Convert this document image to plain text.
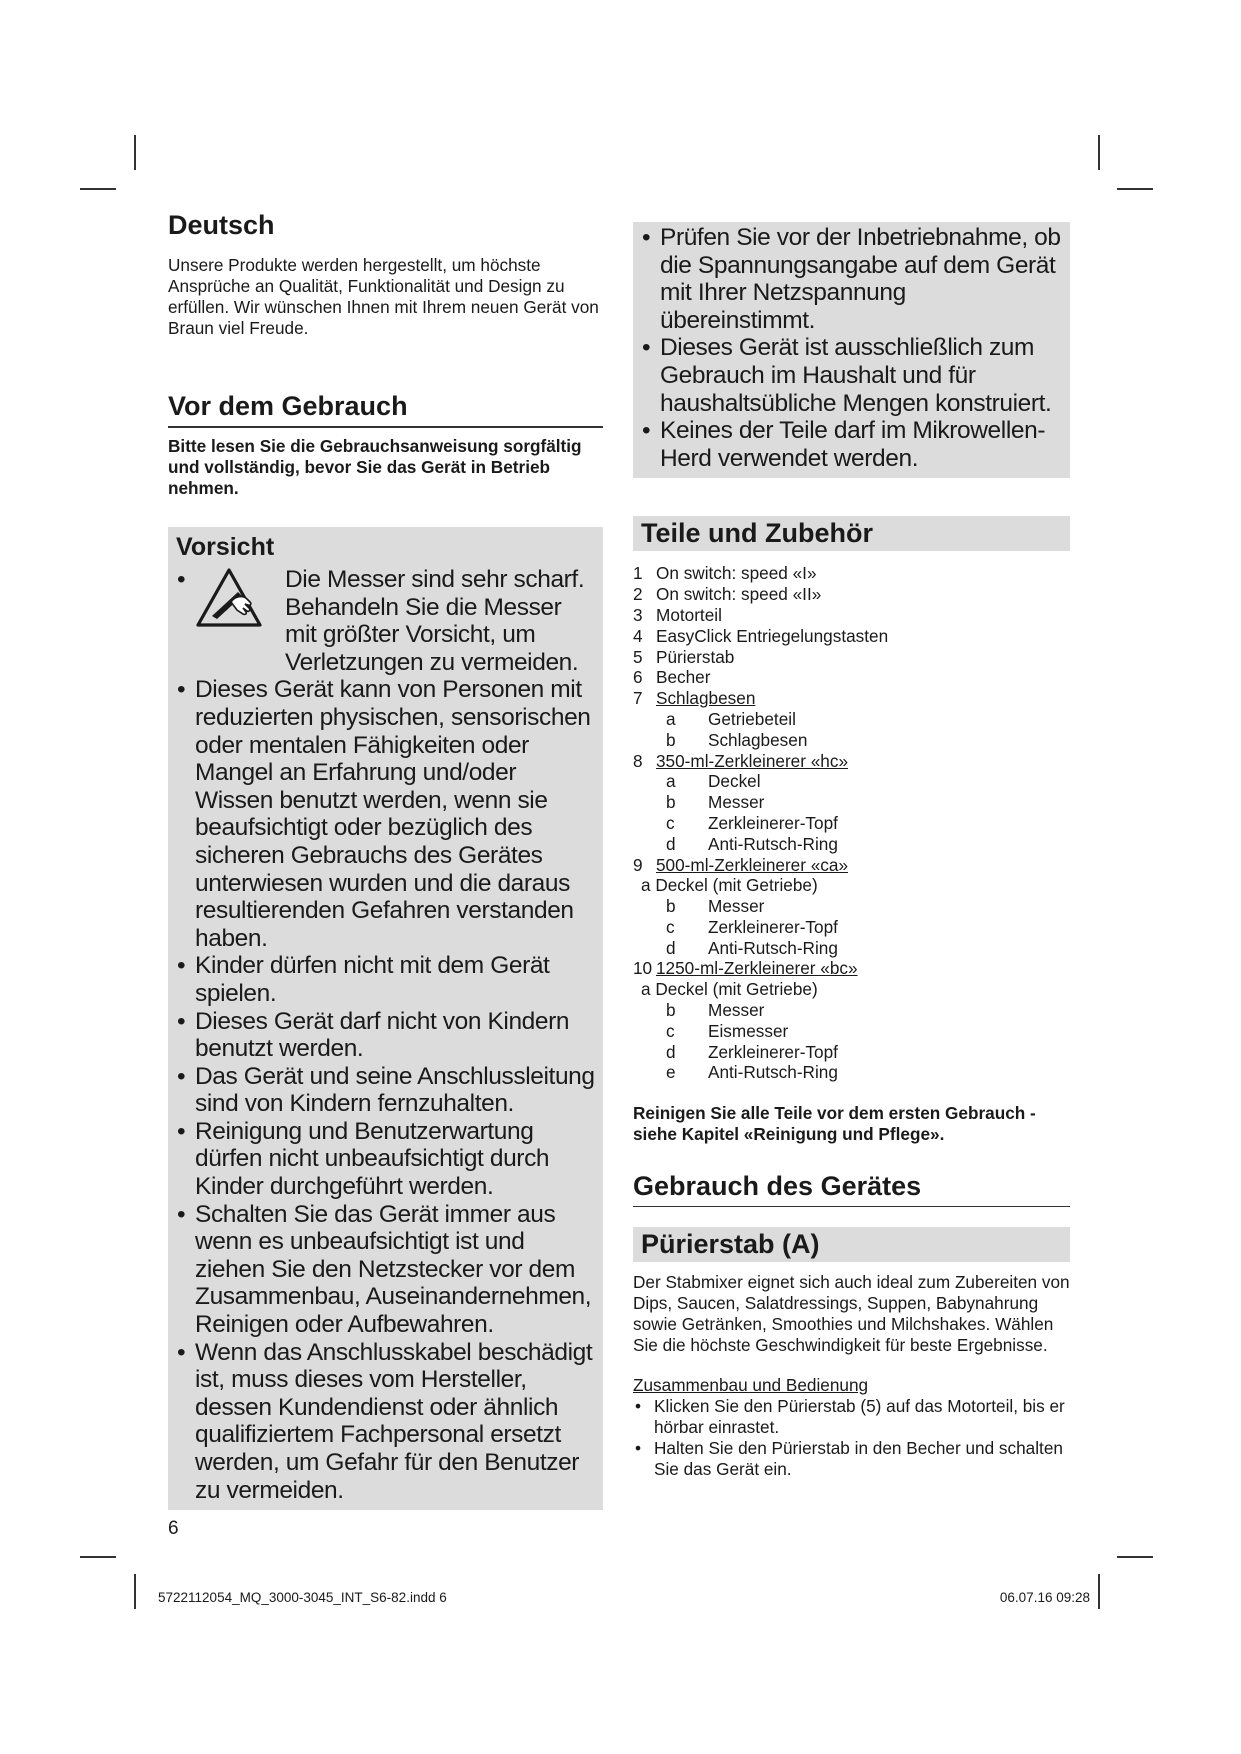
Deutsch

Unsere Produkte werden hergestellt, um höchste Ansprüche an Qualität, Funktionalität und Design zu erfüllen. Wir wünschen Ihnen mit Ihrem neuen Gerät von Braun viel Freude.

Vor dem Gebrauch

Bitte lesen Sie die Gebrauchsanweisung sorgfältig und vollständig, bevor Sie das Gerät in Betrieb nehmen.

Vorsicht
• Die Messer sind sehr scharf. Behandeln Sie die Messer mit größter Vorsicht, um Verletzungen zu vermeiden.
• Dieses Gerät kann von Personen mit reduzierten physischen, sensorischen oder mentalen Fähigkeiten oder Mangel an Erfahrung und/oder Wissen benutzt werden, wenn sie beaufsichtigt oder bezüglich des sicheren Gebrauchs des Gerätes unterwiesen wurden und die daraus resultierenden Gefahren verstanden haben.
• Kinder dürfen nicht mit dem Gerät spielen.
• Dieses Gerät darf nicht von Kindern benutzt werden.
• Das Gerät und seine Anschlussleitung sind von Kindern fernzuhalten.
• Reinigung und Benutzerwartung dürfen nicht unbeaufsichtigt durch Kinder durchgeführt werden.
• Schalten Sie das Gerät immer aus wenn es unbeaufsichtigt ist und ziehen Sie den Netzstecker vor dem Zusammenbau, Auseinandernehmen, Reinigen oder Aufbewahren.
• Wenn das Anschlusskabel beschädigt ist, muss dieses vom Hersteller, dessen Kundendienst oder ähnlich qualifiziertem Fachpersonal ersetzt werden, um Gefahr für den Benutzer zu vermeiden.
• Prüfen Sie vor der Inbetriebnahme, ob die Spannungsangabe auf dem Gerät mit Ihrer Netzspannung übereinstimmt.
• Dieses Gerät ist ausschließlich zum Gebrauch im Haushalt und für haushaltsübliche Mengen konstruiert.
• Keines der Teile darf im Mikrowellen-Herd verwendet werden.
Teile und Zubehör
1 On switch: speed «I»
2 On switch: speed «II»
3 Motorteil
4 EasyClick Entriegelungstasten
5 Pürierstab
6 Becher
7 Schlagbesen
a Getriebeteil
b Schlagbesen
8 350-ml-Zerkleinerer «hc»
a Deckel
b Messer
c Zerkleinerer-Topf
d Anti-Rutsch-Ring
9 500-ml-Zerkleinerer «ca»
a Deckel (mit Getriebe)
b Messer
c Zerkleinerer-Topf
d Anti-Rutsch-Ring
10 1250-ml-Zerkleinerer «bc»
a Deckel (mit Getriebe)
b Messer
c Eismesser
d Zerkleinerer-Topf
e Anti-Rutsch-Ring

Reinigen Sie alle Teile vor dem ersten Gebrauch - siehe Kapitel «Reinigung und Pflege».

Gebrauch des Gerätes
Pürierstab (A)

Der Stabmixer eignet sich auch ideal zum Zubereiten von Dips, Saucen, Salatdressings, Suppen, Babynahrung sowie Getränken, Smoothies und Milchshakes. Wählen Sie die höchste Geschwindigkeit für beste Ergebnisse.

Zusammenbau und Bedienung
• Klicken Sie den Pürierstab (5) auf das Motorteil, bis er hörbar einrastet.
• Halten Sie den Pürierstab in den Becher und schalten Sie das Gerät ein.
6
5722112054_MQ_3000-3045_INT_S6-82.indd 6	06.07.16 09:28
